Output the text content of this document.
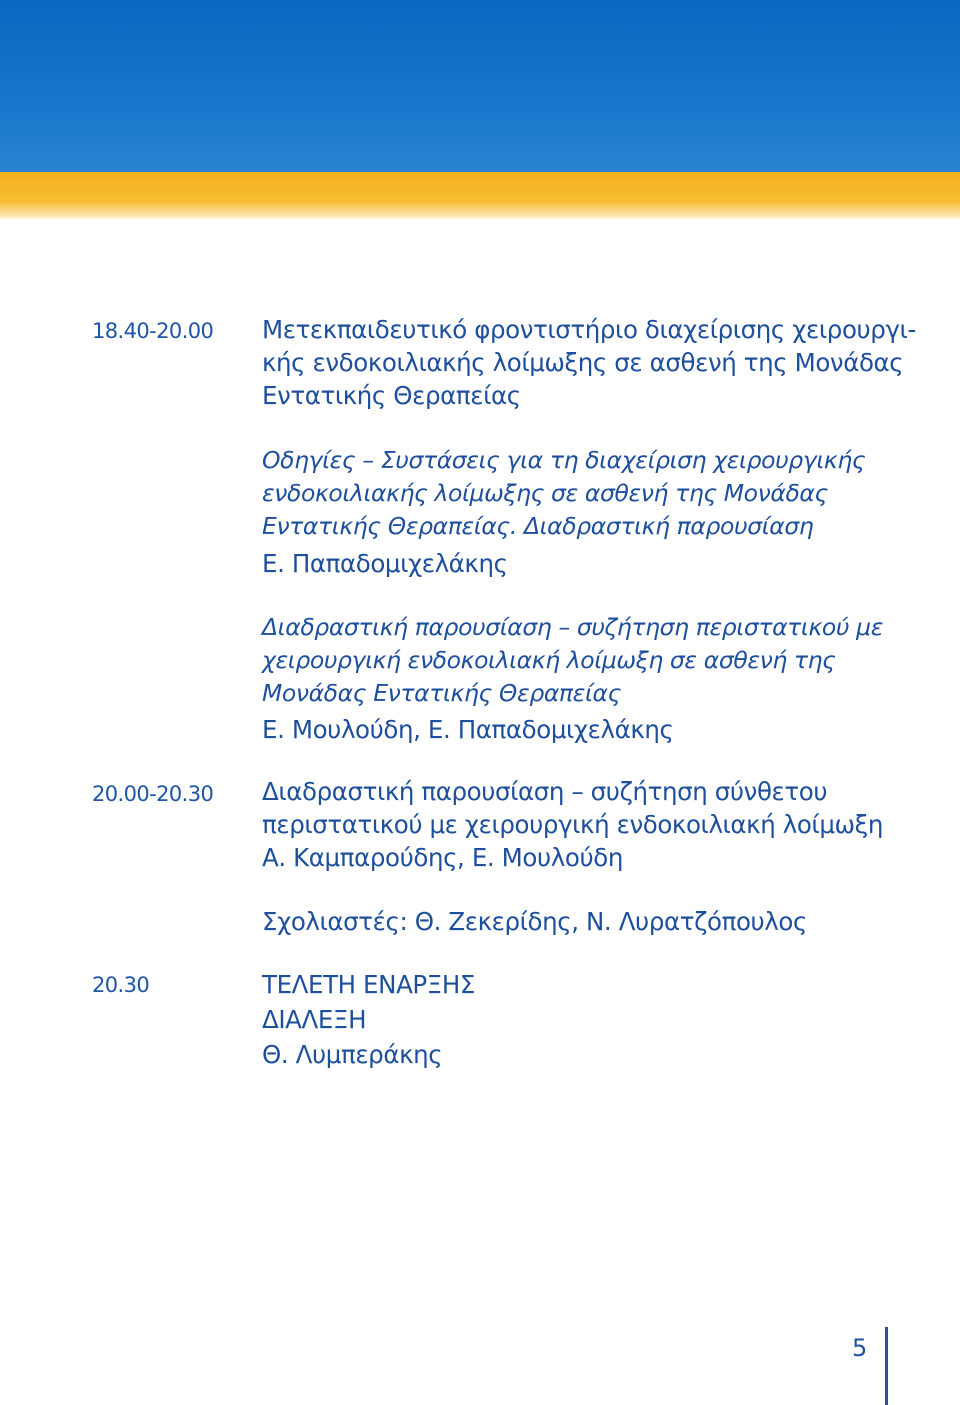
18.40-20.00 Μετεκπαιδευτικό φροντιστήριο διαχείρισης χειρουργι-
κής ενδοκοιλιακής λοίμωξης σε ασθενή της Μονάδας
Εντατικής Θεραπείας
Οδηγίες – Συστάσεις για τη διαχείριση χειρουργικής
ενδοκοιλιακής λοίμωξης σε ασθενή της Μονάδας
Εντατικής Θεραπείας. Διαδραστική παρουσίαση
Ε. Παπαδομιχελάκης
Διαδραστική παρουσίαση – συζήτηση περιστατικού με
χειρουργική ενδοκοιλιακή λοίμωξη σε ασθενή της
Μονάδας Εντατικής Θεραπείας
Ε. Μουλούδη, Ε. Παπαδομιχελάκης
20.00-20.30 Διαδραστική παρουσίαση – συζήτηση σύνθετου
περιστατικού με χειρουργική ενδοκοιλιακή λοίμωξη
Α. Καμπαρούδης, Ε. Μουλούδη
Σχολιαστές: Θ. Ζεκερίδης, Ν. Λυρατζόπουλος
20.30	ΤΕΛΕΤΗ ΕΝΑΡΞΗΣ
ΔΙΑΛΕΞΗ
Θ. Λυμπεράκης
5
